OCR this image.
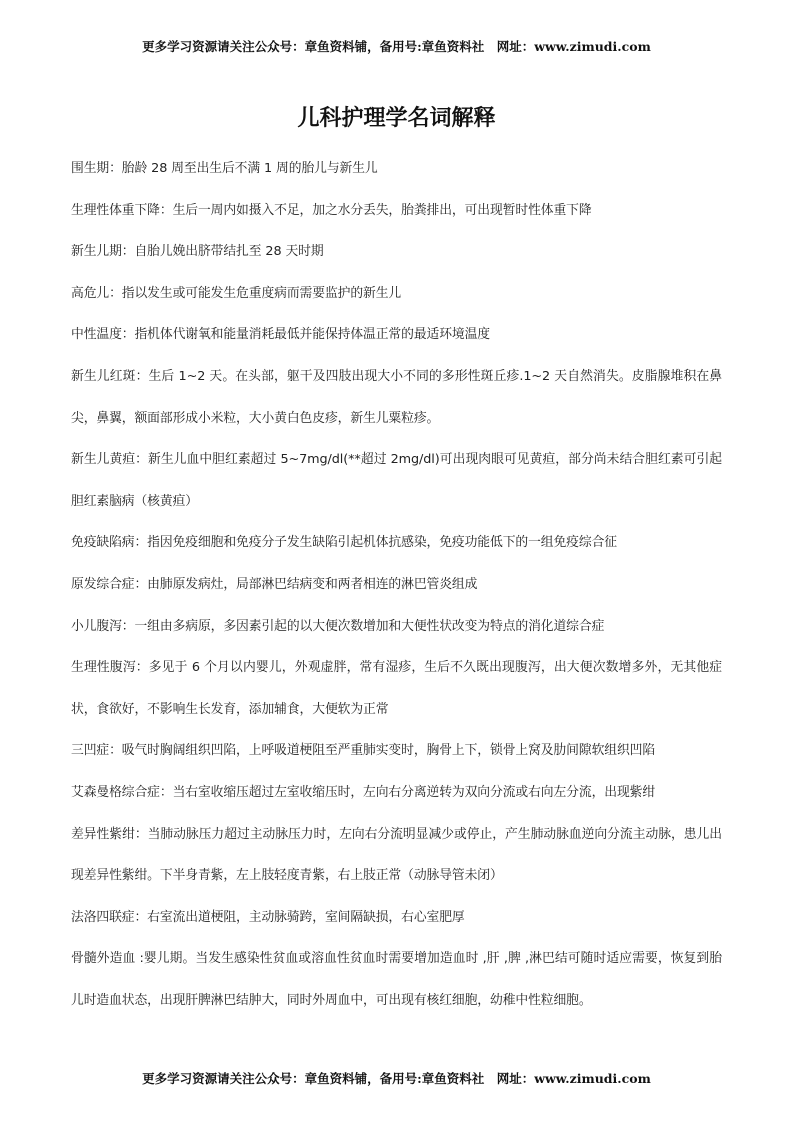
更多学习资源请关注公众号：章鱼资料铺，备用号:章鱼资料社　网址：www.zimudi.com
儿科护理学名词解释
围生期：胎龄 28 周至出生后不满 1 周的胎儿与新生儿
生理性体重下降：生后一周内如摄入不足，加之水分丢失，胎粪排出，可出现暂时性体重下降
新生儿期：自胎儿娩出脐带结扎至 28 天时期
高危儿：指以发生或可能发生危重度病而需要监护的新生儿
中性温度：指机体代谢氧和能量消耗最低并能保持体温正常的最适环境温度
新生儿红斑：生后 1~2 天。在头部，躯干及四肢出现大小不同的多形性斑丘疹.1~2 天自然消失。皮脂腺堆积在鼻尖，鼻翼，额面部形成小米粒，大小黄白色皮疹，新生儿粟粒疹。
新生儿黄疸：新生儿血中胆红素超过 5~7mg/dl(**超过 2mg/dl)可出现肉眼可见黄疸，部分尚未结合胆红素可引起胆红素脑病（核黄疸）
免疫缺陷病：指因免疫细胞和免疫分子发生缺陷引起机体抗感染，免疫功能低下的一组免疫综合征
原发综合症：由肺原发病灶，局部淋巴结病变和两者相连的淋巴管炎组成
小儿腹泻：一组由多病原，多因素引起的以大便次数增加和大便性状改变为特点的消化道综合症
生理性腹泻：多见于 6 个月以内婴儿，外观虚胖，常有湿疹，生后不久既出现腹泻，出大便次数增多外，无其他症状，食欲好，不影响生长发育，添加辅食，大便软为正常
三凹症：吸气时胸阔组织凹陷，上呼吸道梗阻至严重肺实变时，胸骨上下，锁骨上窝及肋间隙软组织凹陷
艾森曼格综合症：当右室收缩压超过左室收缩压时，左向右分离逆转为双向分流或右向左分流，出现紫绀
差异性紫绀：当肺动脉压力超过主动脉压力时，左向右分流明显减少或停止，产生肺动脉血逆向分流主动脉，患儿出现差异性紫绀。下半身青紫，左上肢轻度青紫，右上肢正常（动脉导管未闭）
法洛四联症：右室流出道梗阻，主动脉骑跨，室间隔缺损，右心室肥厚
骨髓外造血 :婴儿期。当发生感染性贫血或溶血性贫血时需要增加造血时 ,肝 ,脾 ,淋巴结可随时适应需要，恢复到胎儿时造血状态，出现肝脾淋巴结肿大，同时外周血中，可出现有核红细胞，幼稚中性粒细胞。
更多学习资源请关注公众号：章鱼资料铺，备用号:章鱼资料社　网址：www.zimudi.com
